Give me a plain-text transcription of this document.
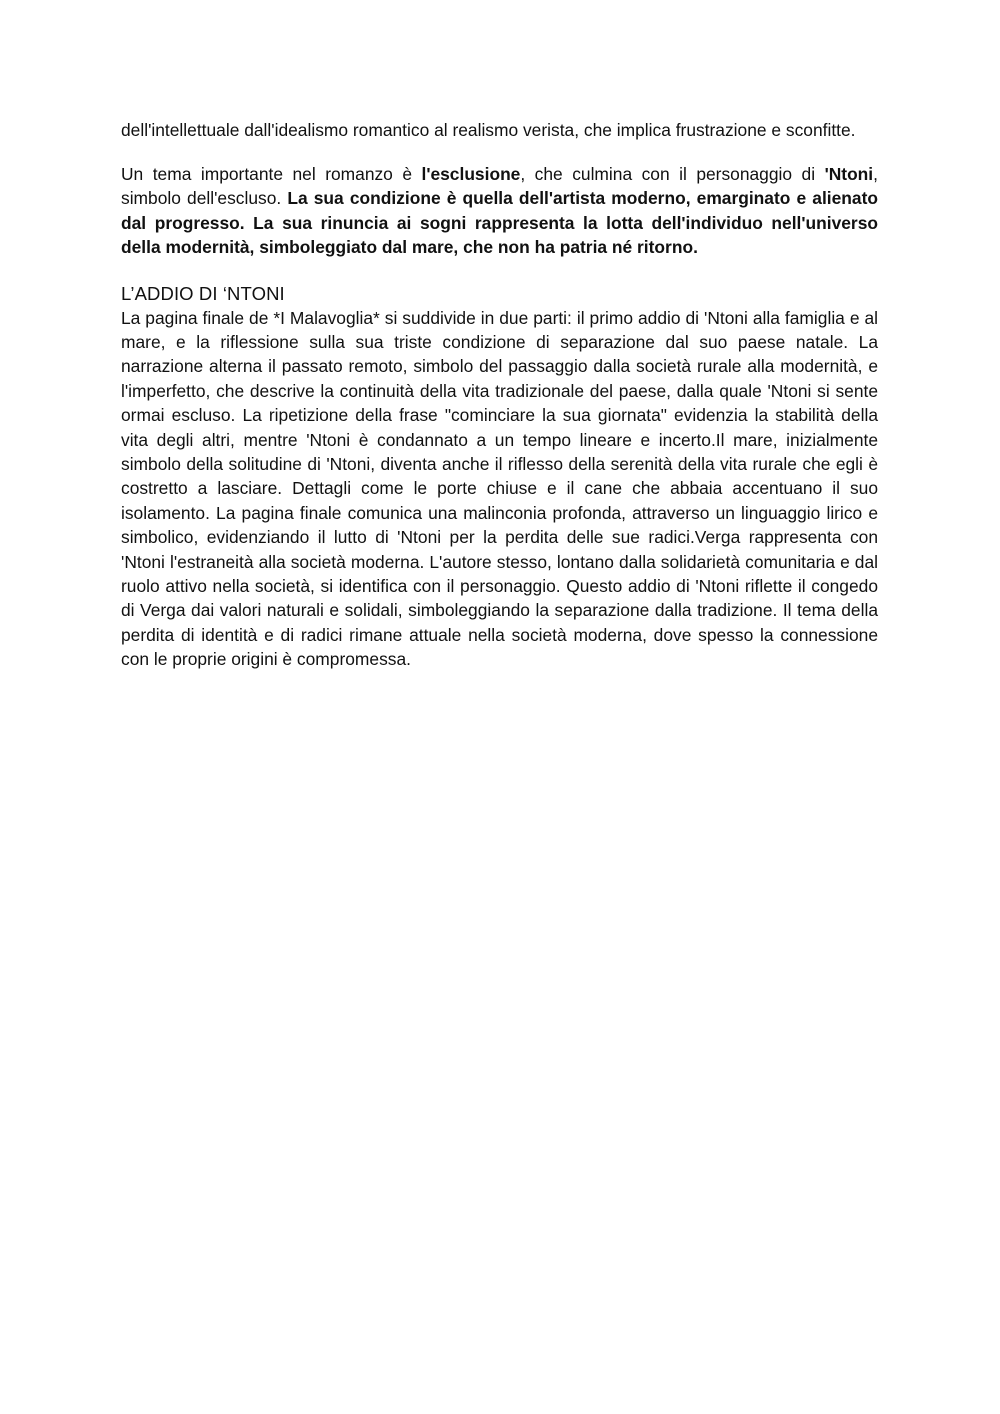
dell'intellettuale dall'idealismo romantico al realismo verista, che implica frustrazione e sconfitte.

Un tema importante nel romanzo è l'esclusione, che culmina con il personaggio di 'Ntoni, simbolo dell'escluso. La sua condizione è quella dell'artista moderno, emarginato e alienato dal progresso. La sua rinuncia ai sogni rappresenta la lotta dell'individuo nell'universo della modernità, simboleggiato dal mare, che non ha patria né ritorno.

L’ADDIO DI ‘NTONI

La pagina finale de *I Malavoglia* si suddivide in due parti: il primo addio di 'Ntoni alla famiglia e al mare, e la riflessione sulla sua triste condizione di separazione dal suo paese natale. La narrazione alterna il passato remoto, simbolo del passaggio dalla società rurale alla modernità, e l'imperfetto, che descrive la continuità della vita tradizionale del paese, dalla quale 'Ntoni si sente ormai escluso. La ripetizione della frase "cominciare la sua giornata" evidenzia la stabilità della vita degli altri, mentre 'Ntoni è condannato a un tempo lineare e incerto.Il mare, inizialmente simbolo della solitudine di 'Ntoni, diventa anche il riflesso della serenità della vita rurale che egli è costretto a lasciare. Dettagli come le porte chiuse e il cane che abbaia accentuano il suo isolamento. La pagina finale comunica una malinconia profonda, attraverso un linguaggio lirico e simbolico, evidenziando il lutto di 'Ntoni per la perdita delle sue radici.Verga rappresenta con 'Ntoni l'estraneità alla società moderna. L'autore stesso, lontano dalla solidarietà comunitaria e dal ruolo attivo nella società, si identifica con il personaggio. Questo addio di 'Ntoni riflette il congedo di Verga dai valori naturali e solidali, simboleggiando la separazione dalla tradizione. Il tema della perdita di identità e di radici rimane attuale nella società moderna, dove spesso la connessione con le proprie origini è compromessa.
